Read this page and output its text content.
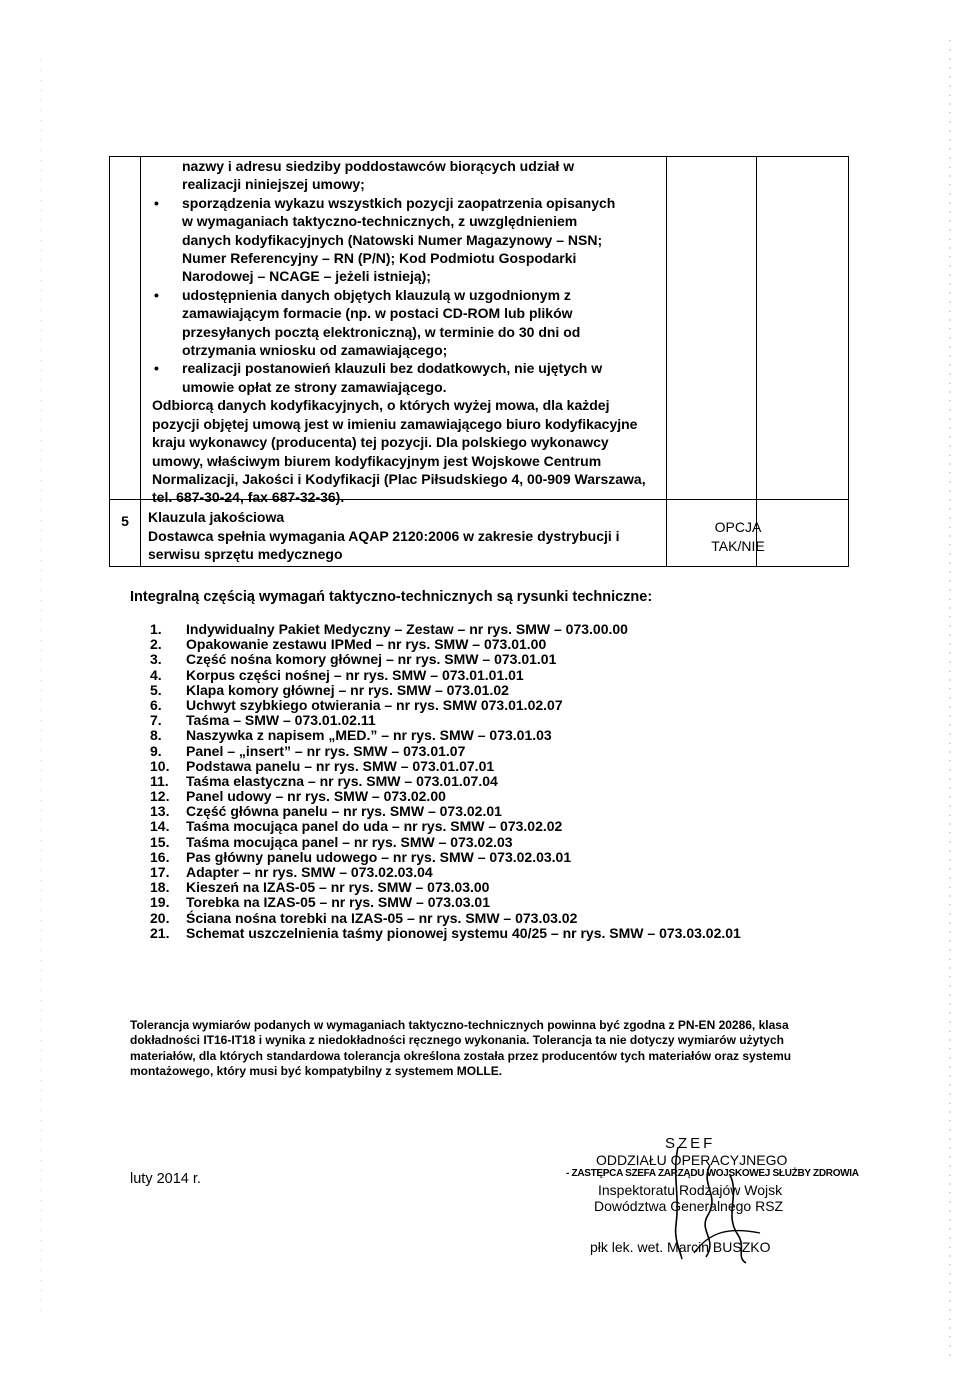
nazwy i adresu siedziby poddostawców biorących udział w

realizacji niniejszej umowy;

• sporządzenia wykazu wszystkich pozycji zaopatrzenia opisanych

w wymaganiach taktyczno-technicznych, z uwzględnieniem

danych kodyfikacyjnych (Natowski Numer Magazynowy – NSN;

Numer Referencyjny – RN (P/N); Kod Podmiotu Gospodarki

Narodowej – NCAGE – jeżeli istnieją);

• udostępnienia danych objętych klauzulą w uzgodnionym z

zamawiającym formacie (np. w postaci CD-ROM lub plików

przesyłanych pocztą elektroniczną), w terminie do 30 dni od

otrzymania wniosku od zamawiającego;

• realizacji postanowień klauzuli bez dodatkowych, nie ujętych w

umowie opłat ze strony zamawiającego.

Odbiorcą danych kodyfikacyjnych, o których wyżej mowa, dla każdej

pozycji objętej umową jest w imieniu zamawiającego biuro kodyfikacyjne

kraju wykonawcy (producenta) tej pozycji. Dla polskiego wykonawcy

umowy, właściwym biurem kodyfikacyjnym jest Wojskowe Centrum

Normalizacji, Jakości i Kodyfikacji (Plac Piłsudskiego 4, 00-909 Warszawa,

tel. 687-30-24, fax 687-32-36).

5	Klauzula jakościowa
Dostawca spełnia wymagania AQAP 2120:2006 w zakresie dystrybucji i
serwisu sprzętu medycznego
OPCJA
TAK/NIE
Integralną częścią wymagań taktyczno-technicznych są rysunki techniczne:
1. Indywidualny Pakiet Medyczny – Zestaw – nr rys. SMW – 073.00.00
2. Opakowanie zestawu IPMed – nr rys. SMW – 073.01.00
3. Część nośna komory głównej – nr rys. SMW – 073.01.01
4. Korpus części nośnej – nr rys. SMW – 073.01.01.01
5. Klapa komory głównej – nr rys. SMW – 073.01.02
6. Uchwyt szybkiego otwierania – nr rys. SMW 073.01.02.07
7. Taśma – SMW – 073.01.02.11
8. Naszywka z napisem „MED.” – nr rys. SMW – 073.01.03
9. Panel – „insert” – nr rys. SMW – 073.01.07
10. Podstawa panelu – nr rys. SMW – 073.01.07.01
11. Taśma elastyczna – nr rys. SMW – 073.01.07.04
12. Panel udowy – nr rys. SMW – 073.02.00
13. Część główna panelu – nr rys. SMW – 073.02.01
14. Taśma mocująca panel do uda – nr rys. SMW – 073.02.02
15. Taśma mocująca panel – nr rys. SMW – 073.02.03
16. Pas główny panelu udowego – nr rys. SMW – 073.02.03.01
17. Adapter – nr rys. SMW – 073.02.03.04
18. Kieszeń na IZAS-05 – nr rys. SMW – 073.03.00
19. Torebka na IZAS-05 – nr rys. SMW – 073.03.01
20. Ściana nośna torebki na IZAS-05 – nr rys. SMW – 073.03.02
21. Schemat uszczelnienia taśmy pionowej systemu 40/25 – nr rys. SMW – 073.03.02.01

Tolerancja wymiarów podanych w wymaganiach taktyczno-technicznych powinna być zgodna z PN-EN 20286, klasa dokładności IT16-IT18 i wynika z niedokładności ręcznego wykonania. Tolerancja ta nie dotyczy wymiarów użytych materiałów, dla których standardowa tolerancja określona została przez producentów tych materiałów oraz systemu montażowego, który musi być kompatybilny z systemem MOLLE.

luty 2014 r.
SZEF
ODDZIAŁU OPERACYJNEGO
- ZASTĘPCA SZEFA ZARZĄDU WOJSKOWEJ SŁUŻBY ZDROWIA
Inspektoratu Rodzajów Wojsk
Dowództwa Generalnego RSZ
płk lek. wet. Marcin BUSZKO
